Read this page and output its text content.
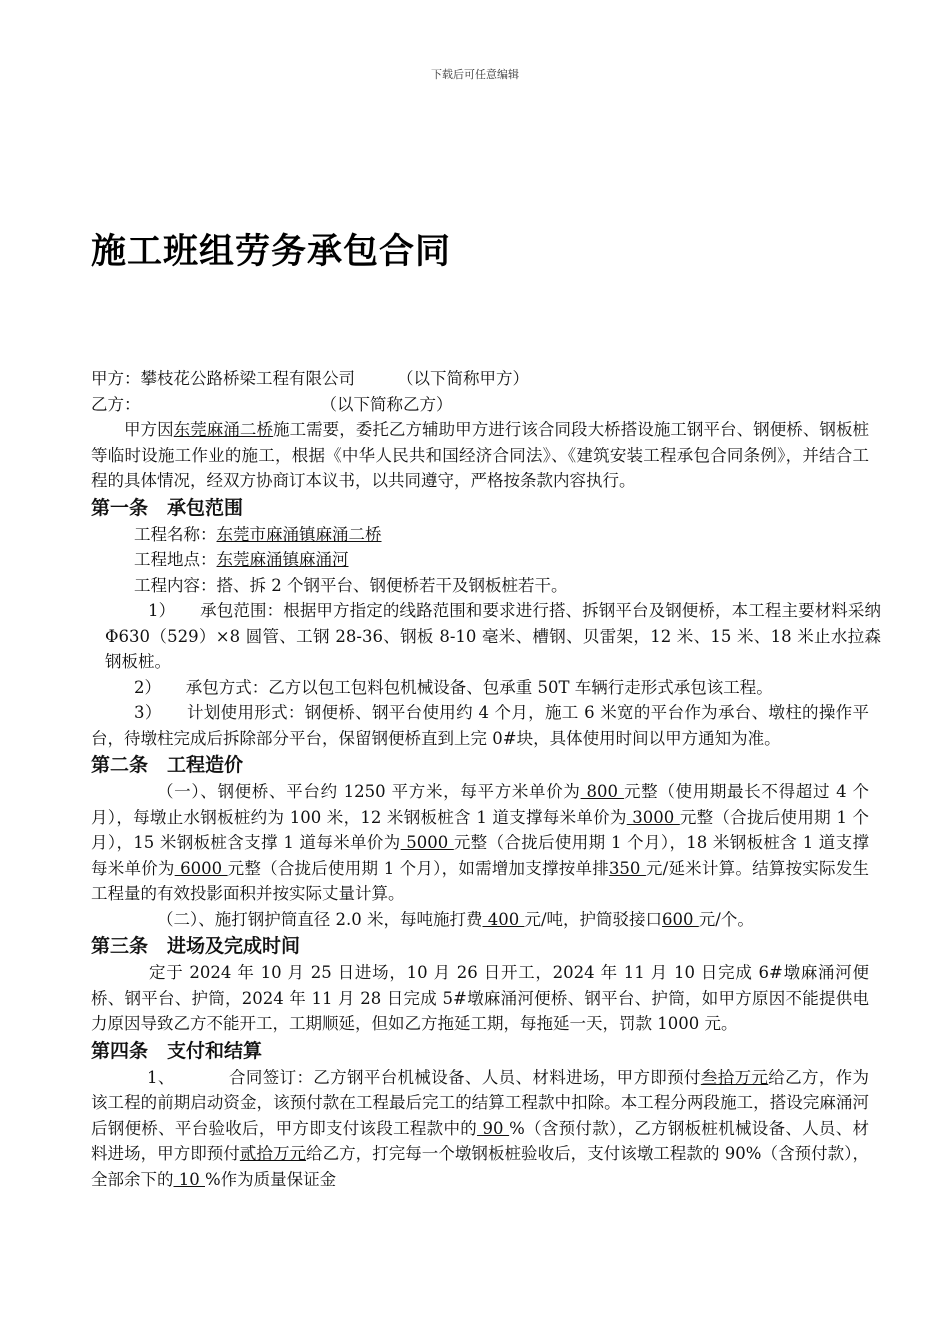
下载后可任意编辑
施工班组劳务承包合同
甲方：攀枝花公路桥梁工程有限公司	（以下简称甲方）
乙方：	（以下简称乙方）
甲方因东莞麻涌二桥施工需要，委托乙方辅助甲方进行该合同段大桥搭设施工钢平台、钢便桥、钢板桩等临时设施工作业的施工，根据《中华人民共和国经济合同法》、《建筑安装工程承包合同条例》，并结合工程的具体情况，经双方协商订本议书，以共同遵守，严格按条款内容执行。
第一条　承包范围
工程名称：东莞市麻涌镇麻涌二桥
工程地点：东莞麻涌镇麻涌河
工程内容：搭、拆 2 个钢平台、钢便桥若干及钢板桩若干。
1）　　承包范围：根据甲方指定的线路范围和要求进行搭、拆钢平台及钢便桥，本工程主要材料采纳 Φ630（529）×8 圆管、工钢 28-36、钢板 8-10 毫米、槽钢、贝雷架，12 米、15 米、18 米止水拉森钢板桩。
2）　　承包方式：乙方以包工包料包机械设备、包承重 50T 车辆行走形式承包该工程。
3）　　计划使用形式：钢便桥、钢平台使用约 4 个月，施工 6 米宽的平台作为承台、墩柱的操作平台，待墩柱完成后拆除部分平台，保留钢便桥直到上完 0#块，具体使用时间以甲方通知为准。
第二条　工程造价
（一）、钢便桥、平台约 1250 平方米，每平方米单价为 800 元整（使用期最长不得超过 4 个月），每墩止水钢板桩约为 100 米，12 米钢板桩含 1 道支撑每米单价为 3000 元整（合拢后使用期 1 个月），15 米钢板桩含支撑 1 道每米单价为 5000 元整（合拢后使用期 1 个月），18 米钢板桩含 1 道支撑每米单价为 6000 元整（合拢后使用期 1 个月），如需增加支撑按单排350 元/延米计算。结算按实际发生工程量的有效投影面积并按实际丈量计算。
（二）、施打钢护筒直径 2.0 米，每吨施打费 400 元/吨，护筒驳接口600 元/个。
第三条　进场及完成时间
定于 2024 年 10 月 25 日进场，10 月 26 日开工，2024 年 11 月 10 日完成 6#墩麻涌河便桥、钢平台、护筒，2024 年 11 月 28 日完成 5#墩麻涌河便桥、钢平台、护筒，如甲方原因不能提供电力原因导致乙方不能开工，工期顺延，但如乙方拖延工期，每拖延一天，罚款 1000 元。
第四条　支付和结算
1、	合同签订：乙方钢平台机械设备、人员、材料进场，甲方即预付叁拾万元给乙方，作为该工程的前期启动资金，该预付款在工程最后完工的结算工程款中扣除。本工程分两段施工，搭设完麻涌河后钢便桥、平台验收后，甲方即支付该段工程款中的 90 %（含预付款），乙方钢板桩机械设备、人员、材料进场，甲方即预付贰拾万元给乙方，打完每一个墩钢板桩验收后，支付该墩工程款的 90%（含预付款），全部余下的 10 %作为质量保证金
